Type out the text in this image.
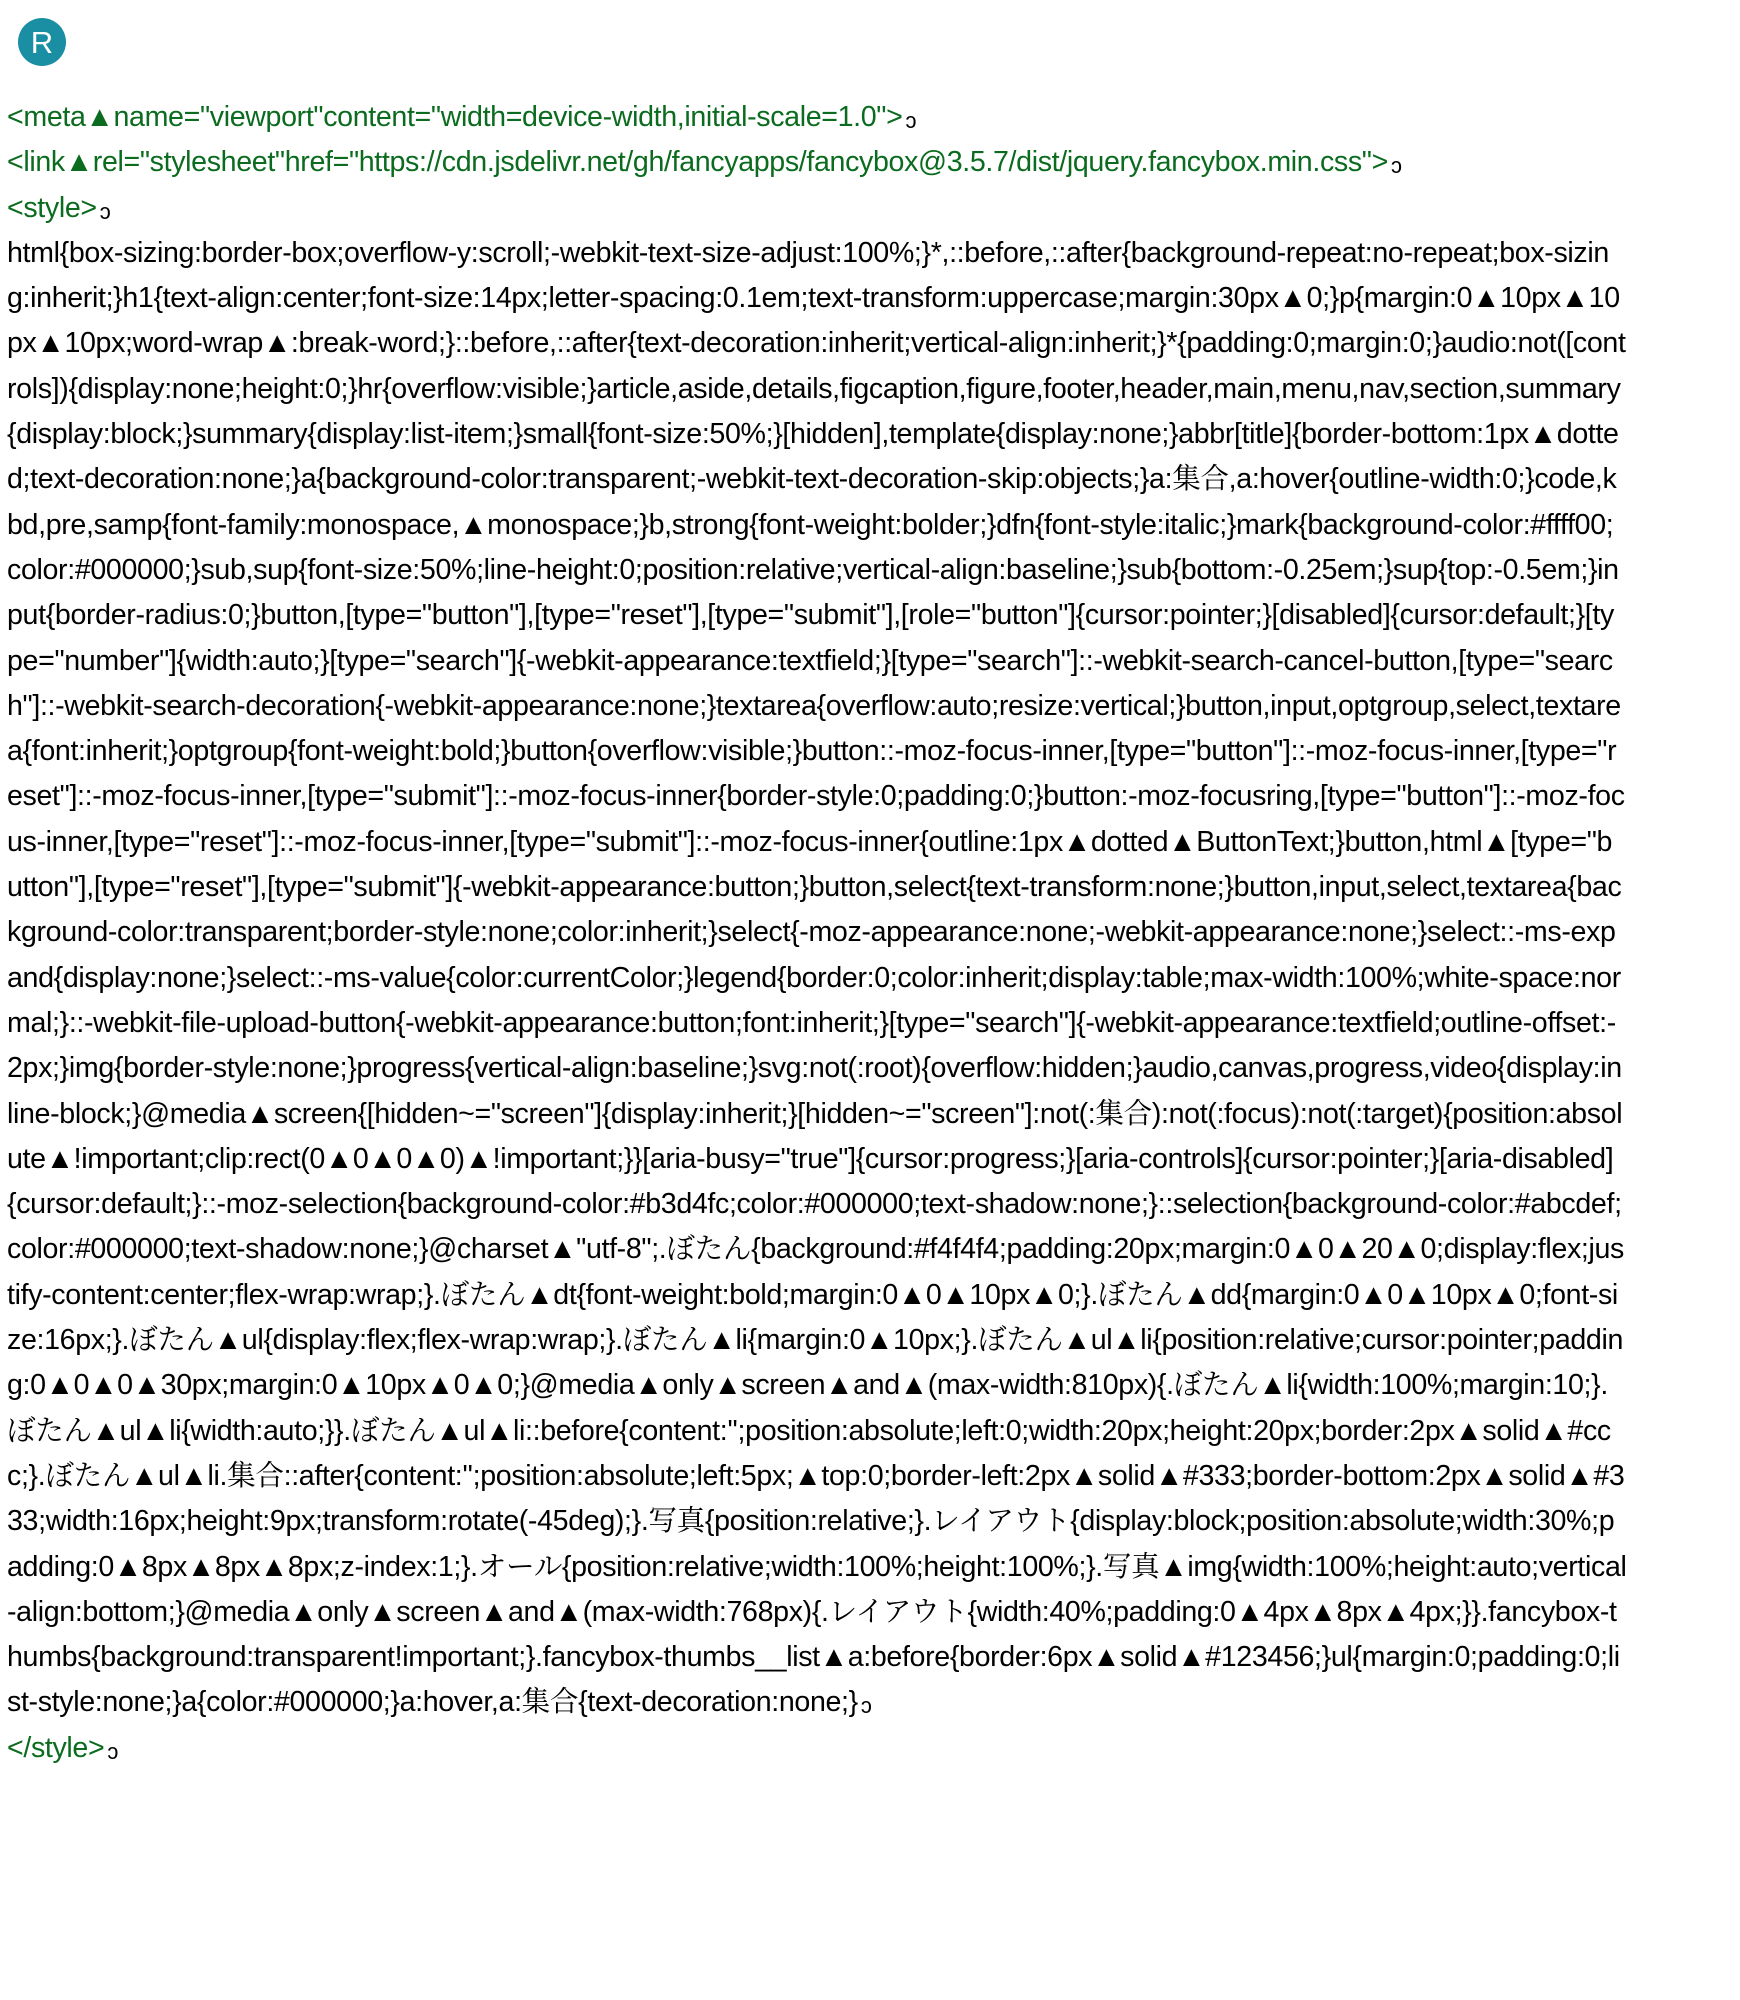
R
<meta▲name="viewport"content="width=device-width,initial-scale=1.0"> ↄ
<link▲rel="stylesheet"href="https://cdn.jsdelivr.net/gh/fancyapps/fancybox@3.5.7/dist/jquery.fancybox.min.css"> ↄ
<style> ↄ
html{box-sizing:border-box;overflow-y:scroll;-webkit-text-size-adjust:100%;}*,::before,::after{background-repeat:no-repeat;box-sizing:inherit;}h1{text-align:center;font-size:14px;letter-spacing:0.1em;text-transform:uppercase;margin:30px▲0;}p{margin:0▲10px▲10px▲10px;word-wrap▲:break-word;}::before,::after{text-decoration:inherit;vertical-align:inherit;}*{padding:0;margin:0;}audio:not([controls]){display:none;height:0;}hr{overflow:visible;}article,aside,details,figcaption,figure,footer,header,main,menu,nav,section,summary{display:block;}summary{display:list-item;}small{font-size:50%;}[hidden],template{display:none;}abbr[title]{border-bottom:1px▲dotted;text-decoration:none;}a{background-color:transparent;-webkit-text-decoration-skip:objects;}a:集合,a:hover{outline-width:0;}code,kbd,pre,samp{font-family:monospace,▲monospace;}b,strong{font-weight:bolder;}dfn{font-style:italic;}mark{background-color:#ffff00;color:#000000;}sub,sup{font-size:50%;line-height:0;position:relative;vertical-align:baseline;}sub{bottom:-0.25em;}sup{top:-0.5em;}input{border-radius:0;}button,[type="button"],[type="reset"],[type="submit"],[role="button"]{cursor:pointer;}[disabled]{cursor:default;}[type="number"]{width:auto;}[type="search"]{-webkit-appearance:textfield;}[type="search"]::-webkit-search-cancel-button,[type="search"]::-webkit-search-decoration{-webkit-appearance:none;}textarea{overflow:auto;resize:vertical;}button,input,optgroup,select,textarea{font:inherit;}optgroup{font-weight:bold;}button{overflow:visible;}button::-moz-focus-inner,[type="button"]::-moz-focus-inner,[type="reset"]::-moz-focus-inner,[type="submit"]::-moz-focus-inner{border-style:0;padding:0;}button:-moz-focusring,[type="button"]::-moz-focus-inner,[type="reset"]::-moz-focus-inner,[type="submit"]::-moz-focus-inner{outline:1px▲dotted▲ButtonText;}button,html▲[type="button"],[type="reset"],[type="submit"]{-webkit-appearance:button;}button,select{text-transform:none;}button,input,select,textarea{background-color:transparent;border-style:none;color:inherit;}select{-moz-appearance:none;-webkit-appearance:none;}select::-ms-expand{display:none;}select::-ms-value{color:currentColor;}legend{border:0;color:inherit;display:table;max-width:100%;white-space:normal;}::-webkit-file-upload-button{-webkit-appearance:button;font:inherit;}[type="search"]{-webkit-appearance:textfield;outline-offset:-2px;}img{border-style:none;}progress{vertical-align:baseline;}svg:not(:root){overflow:hidden;}audio,canvas,progress,video{display:inline-block;}@media▲screen{[hidden~="screen"]{display:inherit;}[hidden~="screen"]:not(:集合):not(:focus):not(:target){position:absolute▲!important;clip:rect(0▲0▲0▲0)▲!important;}}[aria-busy="true"]{cursor:progress;}[aria-controls]{cursor:pointer;}[aria-disabled]{cursor:default;}::-moz-selection{background-color:#b3d4fc;color:#000000;text-shadow:none;}::selection{background-color:#abcdef;color:#000000;text-shadow:none;}@charset▲"utf-8";.ぼたん{background:#f4f4f4;padding:20px;margin:0▲0▲20▲0;display:flex;justify-content:center;flex-wrap:wrap;}.ぼたん▲dt{font-weight:bold;margin:0▲0▲10px▲0;}.ぼたん▲dd{margin:0▲0▲10px▲0;font-size:16px;}.ぼたん▲ul{display:flex;flex-wrap:wrap;}.ぼたん▲li{margin:0▲10px;}.ぼたん▲ul▲li{position:relative;cursor:pointer;padding:0▲0▲0▲30px;margin:0▲10px▲0▲0;}@media▲only▲screen▲and▲(max-width:810px){.ぼたん▲li{width:100%;margin:10;}.ぼたん▲ul▲li{width:auto;}}.ぼたん▲ul▲li::before{content:'';position:absolute;left:0;width:20px;height:20px;border:2px▲solid▲#ccc;}.ぼたん▲ul▲li.集合::after{content:'';position:absolute;left:5px;▲top:0;border-left:2px▲solid▲#333;border-bottom:2px▲solid▲#333;width:16px;height:9px;transform:rotate(-45deg);}.写真{position:relative;}.レイアウト{display:block;position:absolute;width:30%;padding:0▲8px▲8px▲8px;z-index:1;}.オール{position:relative;width:100%;height:100%;}.写真▲img{width:100%;height:auto;vertical-align:bottom;}@media▲only▲screen▲and▲(max-width:768px){.レイアウト{width:40%;padding:0▲4px▲8px▲4px;}}.fancybox-thumbs{background:transparent!important;}.fancybox-thumbs__list▲a:before{border:6px▲solid▲#123456;}ul{margin:0;padding:0;list-style:none;}a{color:#000000;}a:hover,a:集合{text-decoration:none;} ↄ
</style> ↄ
